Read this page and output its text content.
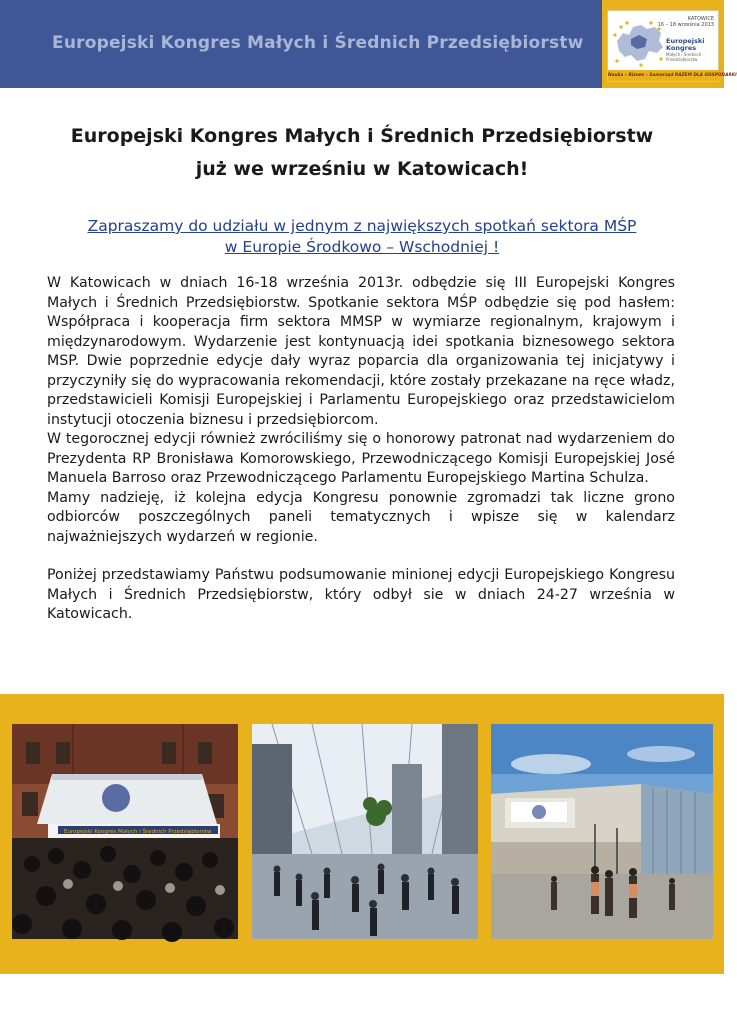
Europejski Kongres Małych i Średnich Przedsiębiorstw
KATOWICE
16 – 18 września 2013
Europejski Kongres
Małych i Średnich Przedsiębiorstw
Nauka – Biznes – Samorząd RAZEM DLA GOSPODARKI
Europejski Kongres Małych i Średnich Przedsiębiorstw
już we wrześniu w Katowicach!
Zapraszamy do udziału w jednym z największych spotkań sektora MŚP
w Europie Środkowo – Wschodniej !

W Katowicach w dniach 16-18 września 2013r. odbędzie się III Europejski Kongres Małych i Średnich Przedsiębiorstw. Spotkanie sektora MŚP odbędzie się pod hasłem: Współpraca i kooperacja firm sektora MMSP w wymiarze regionalnym, krajowym i międzynarodowym. Wydarzenie jest kontynuacją idei spotkania biznesowego sektora MSP. Dwie poprzednie edycje dały wyraz poparcia dla organizowania tej inicjatywy i przyczyniły się do wypracowania rekomendacji, które zostały przekazane na ręce władz, przedstawicieli Komisji Europejskiej i Parlamentu Europejskiego oraz przedstawicielom instytucji otoczenia biznesu i przedsiębiorcom.

W tegorocznej edycji również zwróciliśmy się o honorowy patronat nad wydarzeniem do Prezydenta RP Bronisława Komorowskiego, Przewodniczącego Komisji Europejskiej José Manuela Barroso oraz Przewodniczącego Parlamentu Europejskiego Martina Schulza.

Mamy nadzieję, iż kolejna edycja Kongresu ponownie zgromadzi tak liczne grono odbiorców poszczególnych paneli tematycznych i wpisze się w kalendarz najważniejszych wydarzeń w regionie.

Poniżej przedstawiamy Państwu podsumowanie minionej edycji Europejskiego Kongresu Małych i Średnich Przedsiębiorstw, który odbył sie w dniach 24-27 września w Katowicach.

Europejski Kongres Małych i Średnich Przedsiębiorstw
